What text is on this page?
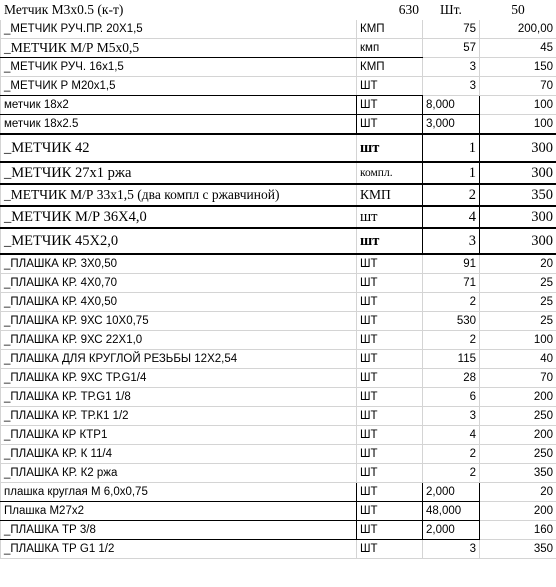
Метчик М3х0.5 (к-т)	630	Шт.	50
_МЕТЧИК РУЧ.ПР. 20Х1,5	КМП	75	200,00
_МЕТЧИК М/Р М5х0,5	кмп	57	45
_МЕТЧИК РУЧ. 16х1,5	КМП	3	150
_МЕТЧИК Р М20х1,5	ШТ	3	70
метчик 18х2	ШТ	8,000	100
метчик 18х2.5	ШТ	3,000	100
_МЕТЧИК 42	шт	1	300
_МЕТЧИК 27х1 ржа	компл.	1	300
_МЕТЧИК М/Р 33х1,5 (два компл с ржавчиной)	КМП	2	350
_МЕТЧИК М/Р 36Х4,0	шт	4	300
_МЕТЧИК 45Х2,0	шт	3	300
_ПЛАШКА КР. 3Х0,50	ШТ	91	20
_ПЛАШКА КР. 4Х0,70	ШТ	71	25
_ПЛАШКА КР. 4Х0,50	ШТ	2	25
_ПЛАШКА КР. 9ХС 10Х0,75	ШТ	530	25
_ПЛАШКА КР. 9ХС 22Х1,0	ШТ	2	100
_ПЛАШКА ДЛЯ КРУГЛОЙ РЕЗЬБЫ 12Х2,54	ШТ	115	40
_ПЛАШКА КР. 9ХС ТР.G1/4	ШТ	28	70
_ПЛАШКА КР. ТР.G1 1/8	ШТ	6	200
_ПЛАШКА КР. ТР.К1 1/2	ШТ	3	250
_ПЛАШКА КР КТР1	ШТ	4	200
_ПЛАШКА КР. К 11/4	ШТ	2	250
_ПЛАШКА КР. К2 ржа	ШТ	2	350
плашка круглая М 6,0х0,75	ШТ	2,000	20
Плашка М27х2	ШТ	48,000	200
_ПЛАШКА ТР 3/8	ШТ	2,000	160
_ПЛАШКА ТР G1 1/2	ШТ	3	350
